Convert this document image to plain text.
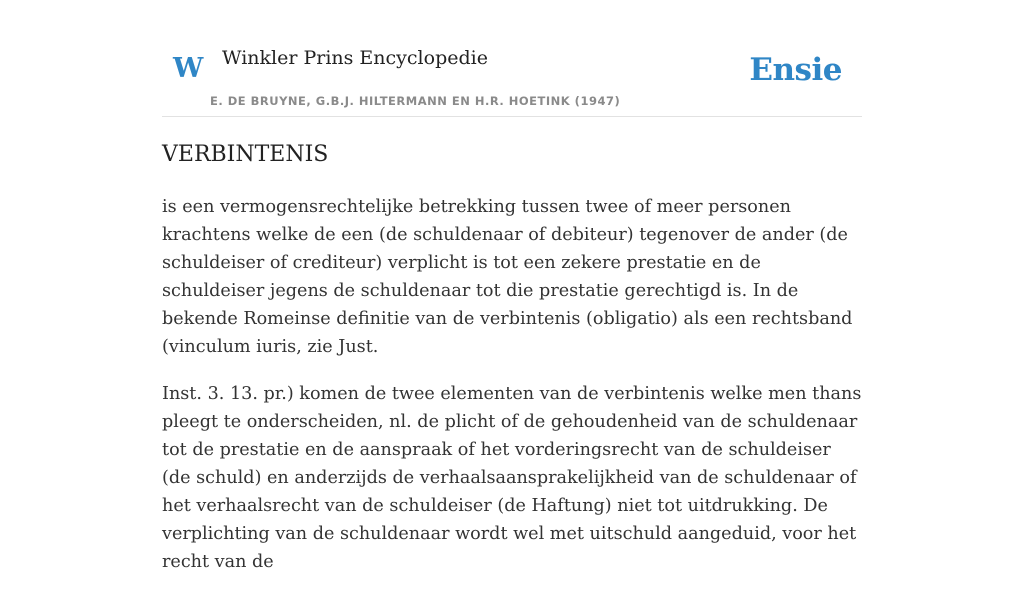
W Winkler Prins Encyclopedie
E. DE BRUYNE, G.B.J. HILTERMANN EN H.R. HOETINK (1947)
Ensie
VERBINTENIS

is een vermogensrechtelijke betrekking tussen twee of meer personen krachtens welke de een (de schuldenaar of debiteur) tegenover de ander (de schuldeiser of crediteur) verplicht is tot een zekere prestatie en de schuldeiser jegens de schuldenaar tot die prestatie gerechtigd is. In de bekende Romeinse definitie van de verbintenis (obligatio) als een rechtsband (vinculum iuris, zie Just.

Inst. 3. 13. pr.) komen de twee elementen van de verbintenis welke men thans pleegt te onderscheiden, nl. de plicht of de gehoudenheid van de schuldenaar tot de prestatie en de aanspraak of het vorderingsrecht van de schuldeiser (de schuld) en anderzijds de verhaalsaansprakelijkheid van de schuldenaar of het verhaalsrecht van de schuldeiser (de Haftung) niet tot uitdrukking. De verplichting van de schuldenaar wordt wel met uitschuld aangeduid, voor het recht van de
